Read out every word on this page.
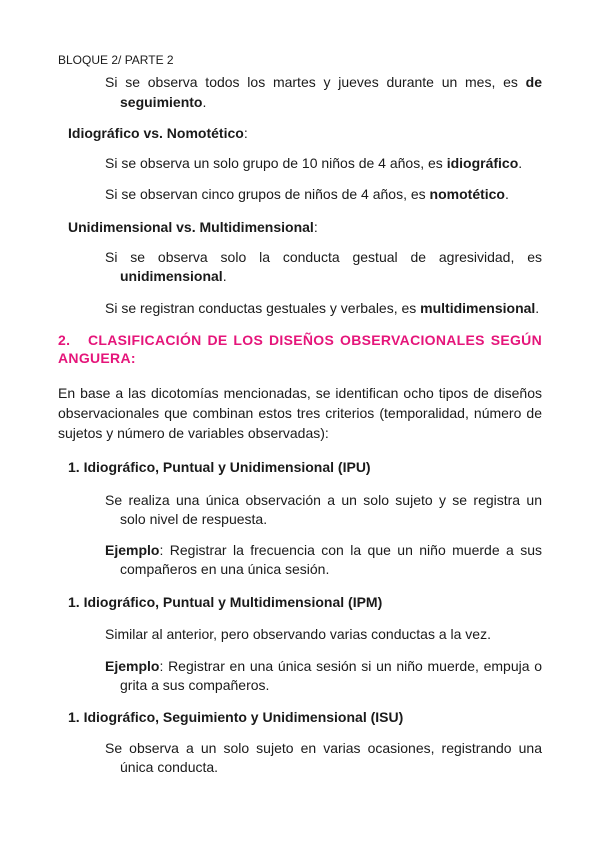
BLOQUE 2/ PARTE 2
Si se observa todos los martes y jueves durante un mes, es de
seguimiento.
Idiográfico vs. Nomotético:
Si se observa un solo grupo de 10 niños de 4 años, es idiográfico.
Si se observan cinco grupos de niños de 4 años, es nomotético.
Unidimensional vs. Multidimensional:
Si se observa solo la conducta gestual de agresividad, es
unidimensional.
Si se registran conductas gestuales y verbales, es multidimensional.
2. CLASIFICACIÓN DE LOS DISEÑOS OBSERVACIONALES SEGÚN
ANGUERA:
En base a las dicotomías mencionadas, se identifican ocho tipos de diseños
observacionales que combinan estos tres criterios (temporalidad, número de
sujetos y número de variables observadas):
1. Idiográfico, Puntual y Unidimensional (IPU)
Se realiza una única observación a un solo sujeto y se registra un
solo nivel de respuesta.
Ejemplo: Registrar la frecuencia con la que un niño muerde a sus
compañeros en una única sesión.
1. Idiográfico, Puntual y Multidimensional (IPM)
Similar al anterior, pero observando varias conductas a la vez.
Ejemplo: Registrar en una única sesión si un niño muerde, empuja o
grita a sus compañeros.
1. Idiográfico, Seguimiento y Unidimensional (ISU)
Se observa a un solo sujeto en varias ocasiones, registrando una
única conducta.
